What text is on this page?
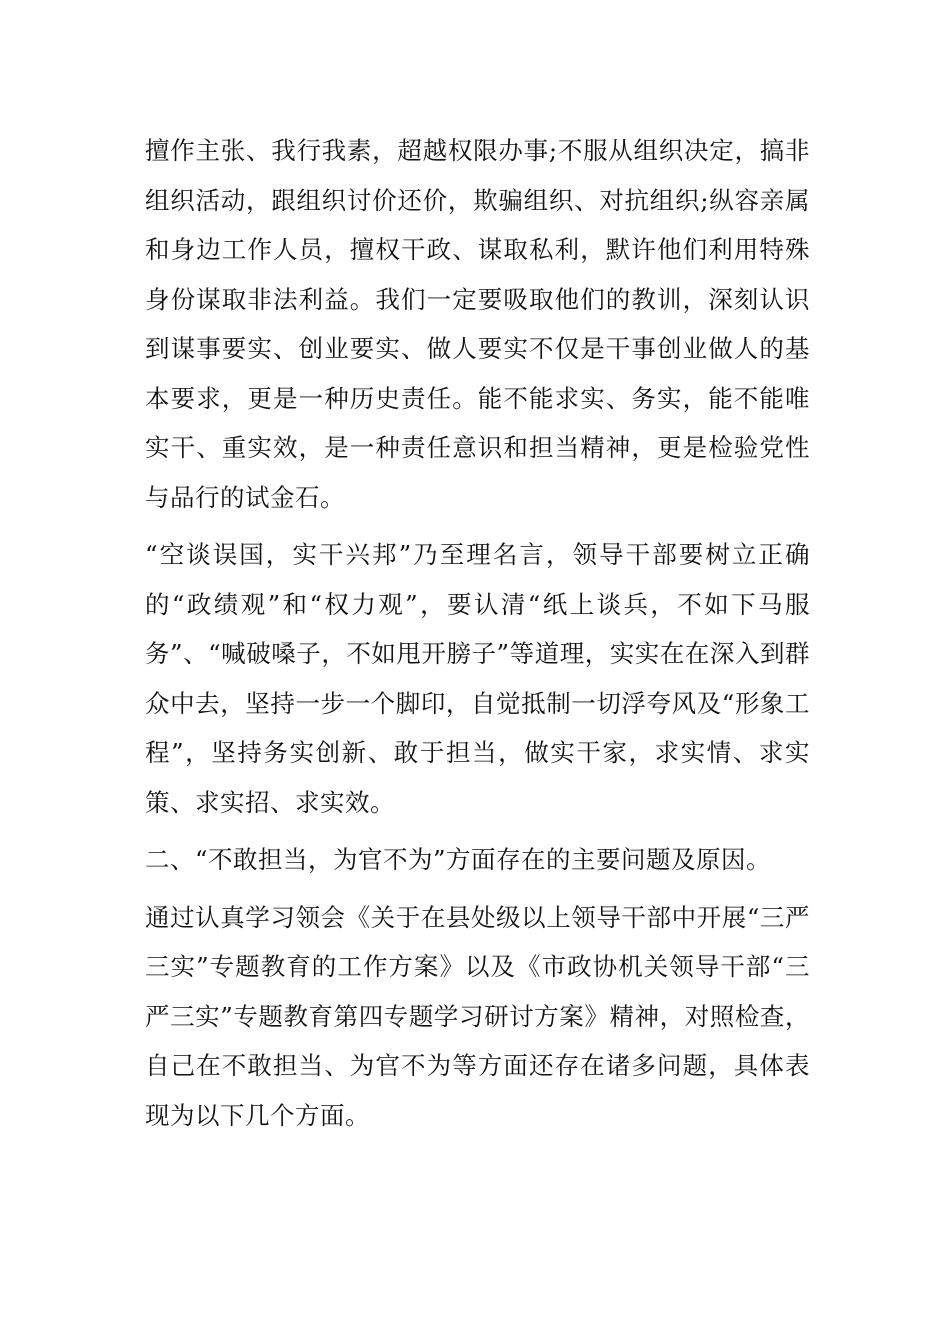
擅作主张、我行我素，超越权限办事;不服从组织决定，搞非组织活动，跟组织讨价还价，欺骗组织、对抗组织;纵容亲属和身边工作人员，擅权干政、谋取私利，默许他们利用特殊身份谋取非法利益。我们一定要吸取他们的教训，深刻认识到谋事要实、创业要实、做人要实不仅是干事创业做人的基本要求，更是一种历史责任。能不能求实、务实，能不能唯实干、重实效，是一种责任意识和担当精神，更是检验党性与品行的试金石。

“空谈误国，实干兴邦”乃至理名言，领导干部要树立正确的“政绩观”和“权力观”，要认清“纸上谈兵，不如下马服务”、“喊破嗓子，不如甩开膀子”等道理，实实在在深入到群众中去，坚持一步一个脚印，自觉抵制一切浮夸风及“形象工程”，坚持务实创新、敢于担当，做实干家，求实情、求实策、求实招、求实效。

二、“不敢担当，为官不为”方面存在的主要问题及原因。

通过认真学习领会《关于在县处级以上领导干部中开展“三严三实”专题教育的工作方案》以及《市政协机关领导干部“三严三实”专题教育第四专题学习研讨方案》精神，对照检查，自己在不敢担当、为官不为等方面还存在诸多问题，具体表现为以下几个方面。
